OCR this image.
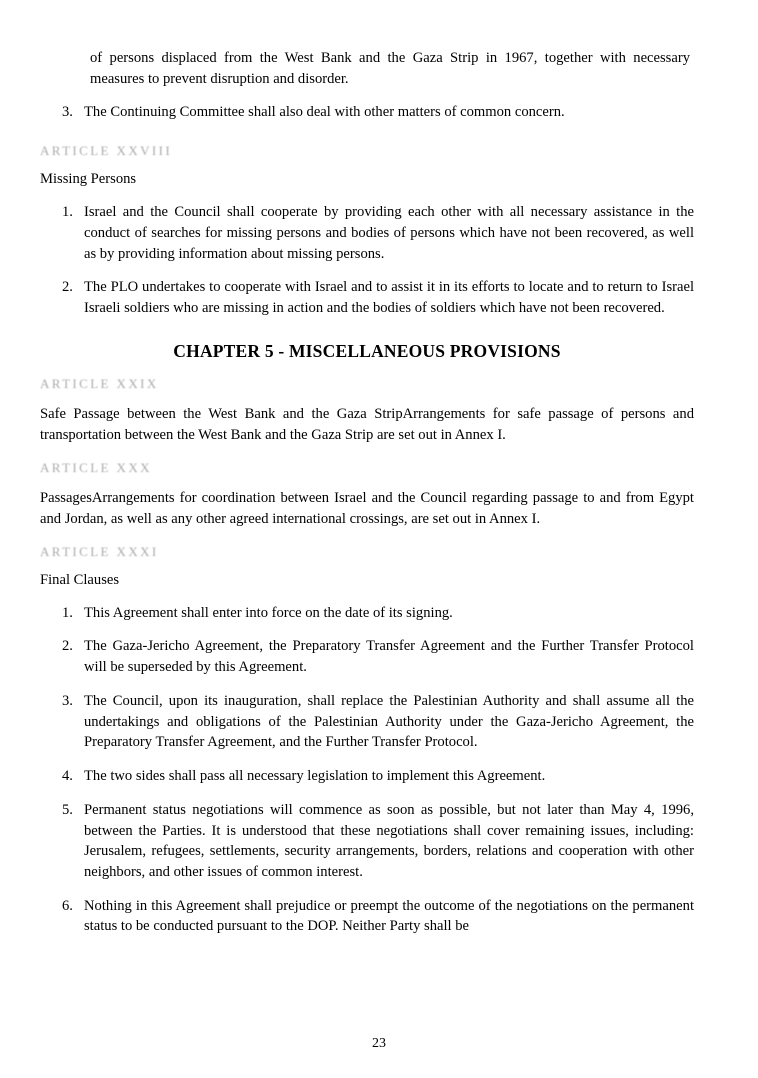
of persons displaced from the West Bank and the Gaza Strip in 1967, together with necessary measures to prevent disruption and disorder.

3. The Continuing Committee shall also deal with other matters of common concern.

ARTICLE XXVIII

Missing Persons

1. Israel and the Council shall cooperate by providing each other with all necessary assistance in the conduct of searches for missing persons and bodies of persons which have not been recovered, as well as by providing information about missing persons.
2. The PLO undertakes to cooperate with Israel and to assist it in its efforts to locate and to return to Israel Israeli soldiers who are missing in action and the bodies of soldiers which have not been recovered.
CHAPTER 5 - MISCELLANEOUS PROVISIONS

ARTICLE XXIX

Safe Passage between the West Bank and the Gaza StripArrangements for safe passage of persons and transportation between the West Bank and the Gaza Strip are set out in Annex I.

ARTICLE XXX

PassagesArrangements for coordination between Israel and the Council regarding passage to and from Egypt and Jordan, as well as any other agreed international crossings, are set out in Annex I.

ARTICLE XXXI

Final Clauses

1. This Agreement shall enter into force on the date of its signing.
2. The Gaza-Jericho Agreement, the Preparatory Transfer Agreement and the Further Transfer Protocol will be superseded by this Agreement.
3. The Council, upon its inauguration, shall replace the Palestinian Authority and shall assume all the undertakings and obligations of the Palestinian Authority under the Gaza-Jericho Agreement, the Preparatory Transfer Agreement, and the Further Transfer Protocol.
4. The two sides shall pass all necessary legislation to implement this Agreement.
5. Permanent status negotiations will commence as soon as possible, but not later than May 4, 1996, between the Parties. It is understood that these negotiations shall cover remaining issues, including: Jerusalem, refugees, settlements, security arrangements, borders, relations and cooperation with other neighbors, and other issues of common interest.
6. Nothing in this Agreement shall prejudice or preempt the outcome of the negotiations on the permanent status to be conducted pursuant to the DOP. Neither Party shall be
23
